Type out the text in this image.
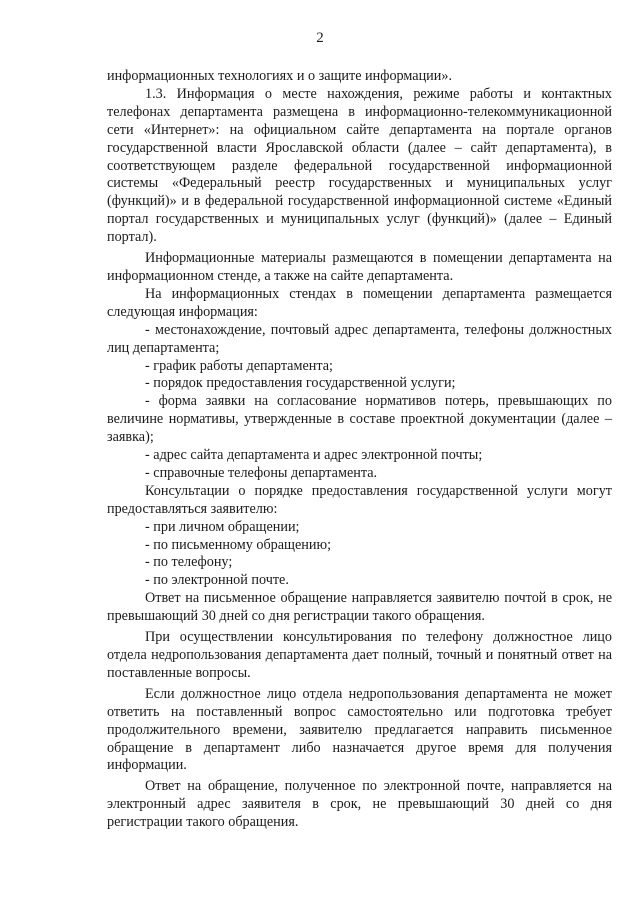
2

информационных технологиях и о защите информации».

1.3. Информация о месте нахождения, режиме работы и контактных телефонах департамента размещена в информационно-телекоммуникационной сети «Интернет»: на официальном сайте департамента на портале органов государственной власти Ярославской области (далее – сайт департамента), в соответствующем разделе федеральной государственной информационной системы «Федеральный реестр государственных и муниципальных услуг (функций)» и в федеральной государственной информационной системе «Единый портал государственных и муниципальных услуг (функций)» (далее – Единый портал).

Информационные материалы размещаются в помещении департамента на информационном стенде, а также на сайте департамента.

На информационных стендах в помещении департамента размещается следующая информация:

- местонахождение, почтовый адрес департамента, телефоны должностных лиц департамента;

- график работы департамента;

- порядок предоставления государственной услуги;

- форма заявки на согласование нормативов потерь, превышающих по величине нормативы, утвержденные в составе проектной документации (далее – заявка);

- адрес сайта департамента и адрес электронной почты;

- справочные телефоны департамента.

Консультации о порядке предоставления государственной услуги могут предоставляться заявителю:

- при личном обращении;

- по письменному обращению;

- по телефону;

- по электронной почте.

Ответ на письменное обращение направляется заявителю почтой в срок, не превышающий 30 дней со дня регистрации такого обращения.

При осуществлении консультирования по телефону должностное лицо отдела недропользования департамента дает полный, точный и понятный ответ на поставленные вопросы.

Если должностное лицо отдела недропользования департамента не может ответить на поставленный вопрос самостоятельно или подготовка требует продолжительного времени, заявителю предлагается направить письменное обращение в департамент либо назначается другое время для получения информации.

Ответ на обращение, полученное по электронной почте, направляется на электронный адрес заявителя в срок, не превышающий 30 дней со дня регистрации такого обращения.
